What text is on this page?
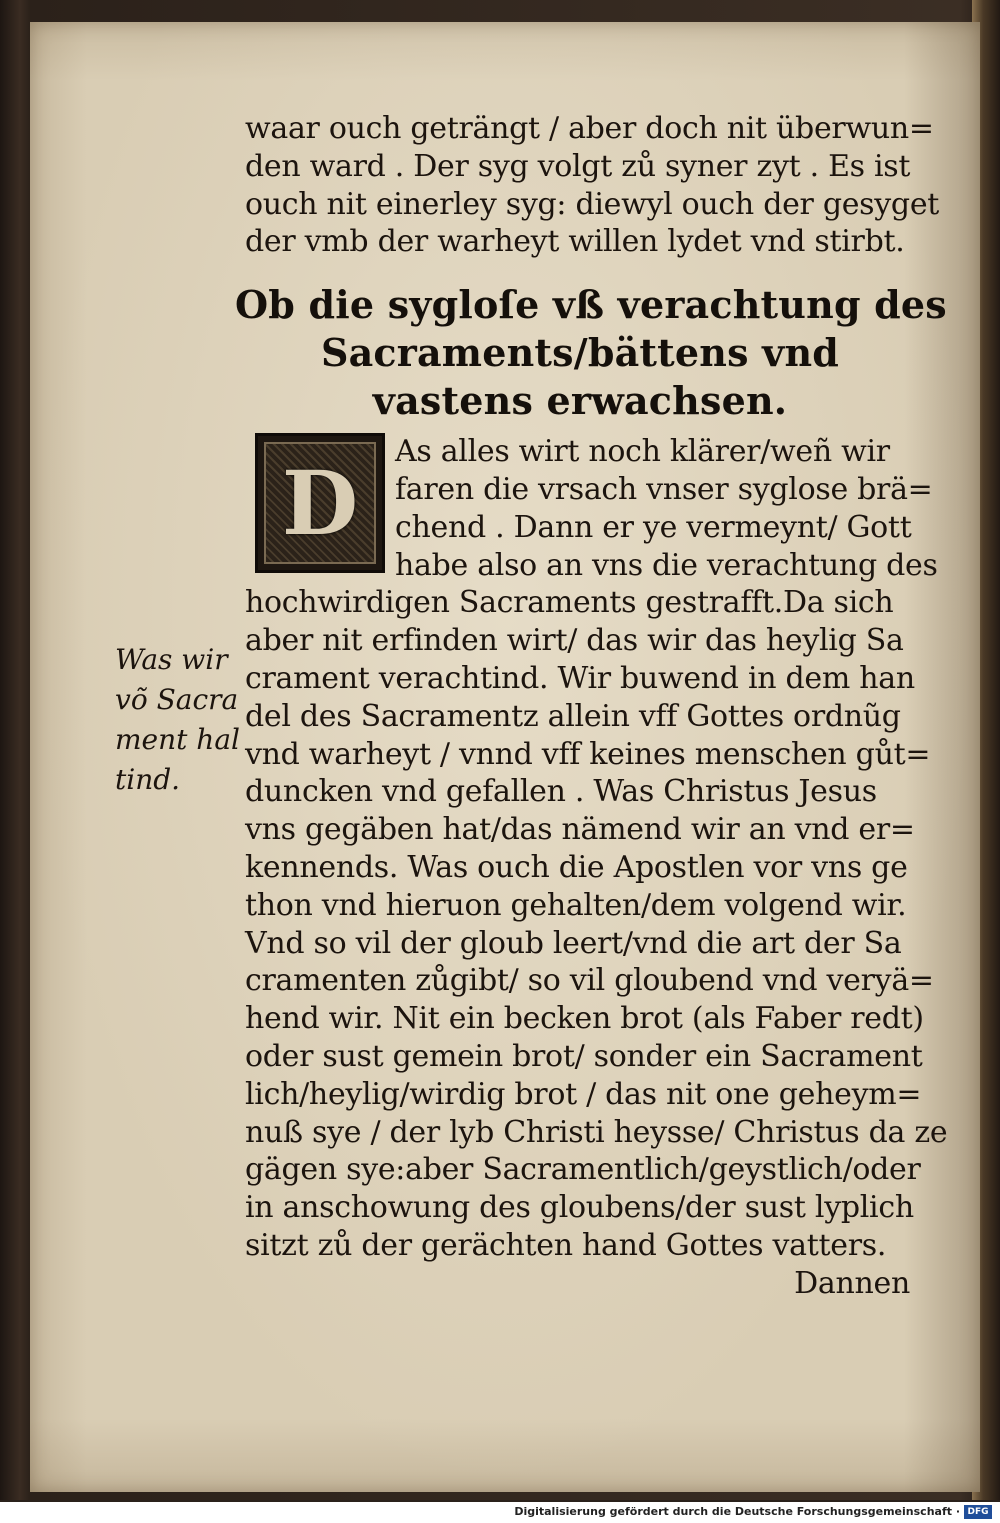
waar ouch geträngt / aber doch nit überwun=
den ward . Der syg volgt zů syner zyt . Es ist
ouch nit einerley syg: diewyl ouch der gesyget
der vmb der warheyt willen lydet vnd stirbt.
Ob die sygloſe vß verachtung des
Sacraments/bättens vnd
vastens erwachsen.
D	As alles wirt noch klärer/weñ wir
faren die vrsach vnser syglose brä=
chend . Dann er ye vermeynt/ Gott
habe also an vns die verachtung des
hochwirdigen Sacraments gestrafft.Da sich
aber nit erfinden wirt/ das wir das heylig Sa
crament verachtind. Wir buwend in dem han
del des Sacramentz allein vff Gottes ordnũg
vnd warheyt / vnnd vff keines menschen gůt=
duncken vnd gefallen . Was Christus Jesus
vns gegäben hat/das nämend wir an vnd er=
kennends. Was ouch die Apostlen vor vns ge
thon vnd hieruon gehalten/dem volgend wir.
Vnd so vil der gloub leert/vnd die art der Sa
cramenten zůgibt/ so vil gloubend vnd veryä=
hend wir. Nit ein becken brot (als Faber redt)
oder sust gemein brot/ sonder ein Sacrament
lich/heylig/wirdig brot / das nit one geheym=
nuß sye / der lyb Christi heysse/ Christus da ze
gägen sye:aber Sacramentlich/geystlich/oder
in anschowung des gloubens/der sust lyplich
sitzt zů der gerächten hand Gottes vatters.
Dannen
Was wir
võ Sacra
ment hal
tind.
Digitalisierung gefördert durch die Deutsche Forschungsgemeinschaft · DFG
